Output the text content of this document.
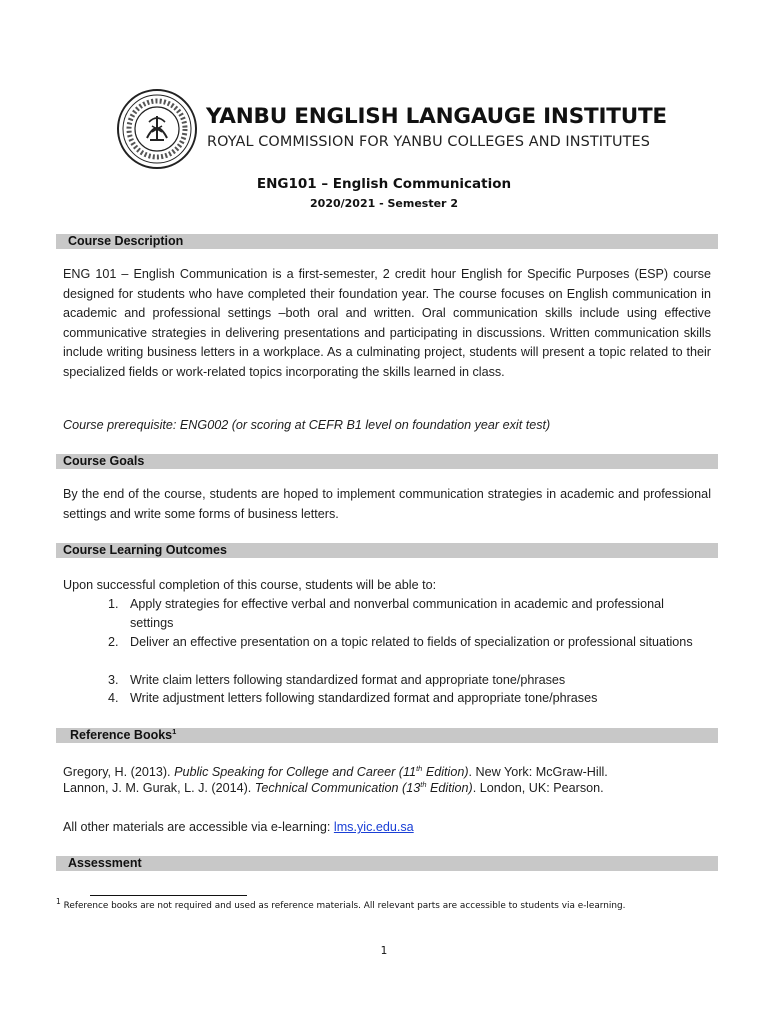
YANBU ENGLISH LANGAUGE INSTITUTE
ROYAL COMMISSION FOR YANBU COLLEGES AND INSTITUTES
ENG101 – English Communication
2020/2021 - Semester 2
Course Description
ENG 101 – English Communication is a first-semester, 2 credit hour English for Specific Purposes (ESP) course designed for students who have completed their foundation year. The course focuses on English communication in academic and professional settings –both oral and written. Oral communication skills include using effective communicative strategies in delivering presentations and participating in discussions. Written communication skills include writing business letters in a workplace. As a culminating project, students will present a topic related to their specialized fields or work-related topics incorporating the skills learned in class.
Course prerequisite: ENG002 (or scoring at CEFR B1 level on foundation year exit test)
Course Goals
By the end of the course, students are hoped to implement communication strategies in academic and professional settings and write some forms of business letters.
Course Learning Outcomes
Upon successful completion of this course, students will be able to:
1. Apply strategies for effective verbal and nonverbal communication in academic and professional settings
2. Deliver an effective presentation on a topic related to fields of specialization or professional situations
3. Write claim letters following standardized format and appropriate tone/phrases
4. Write adjustment letters following standardized format and appropriate tone/phrases
Reference Books$^1$
Gregory, H. (2013). Public Speaking for College and Career (11th Edition). New York: McGraw-Hill.
Lannon, J. M. Gurak, L. J. (2014). Technical Communication (13th Edition). London, UK: Pearson.
All other materials are accessible via e-learning: lms.yic.edu.sa
Assessment
$^1$ Reference books are not required and used as reference materials. All relevant parts are accessible to students via e-learning.
1
